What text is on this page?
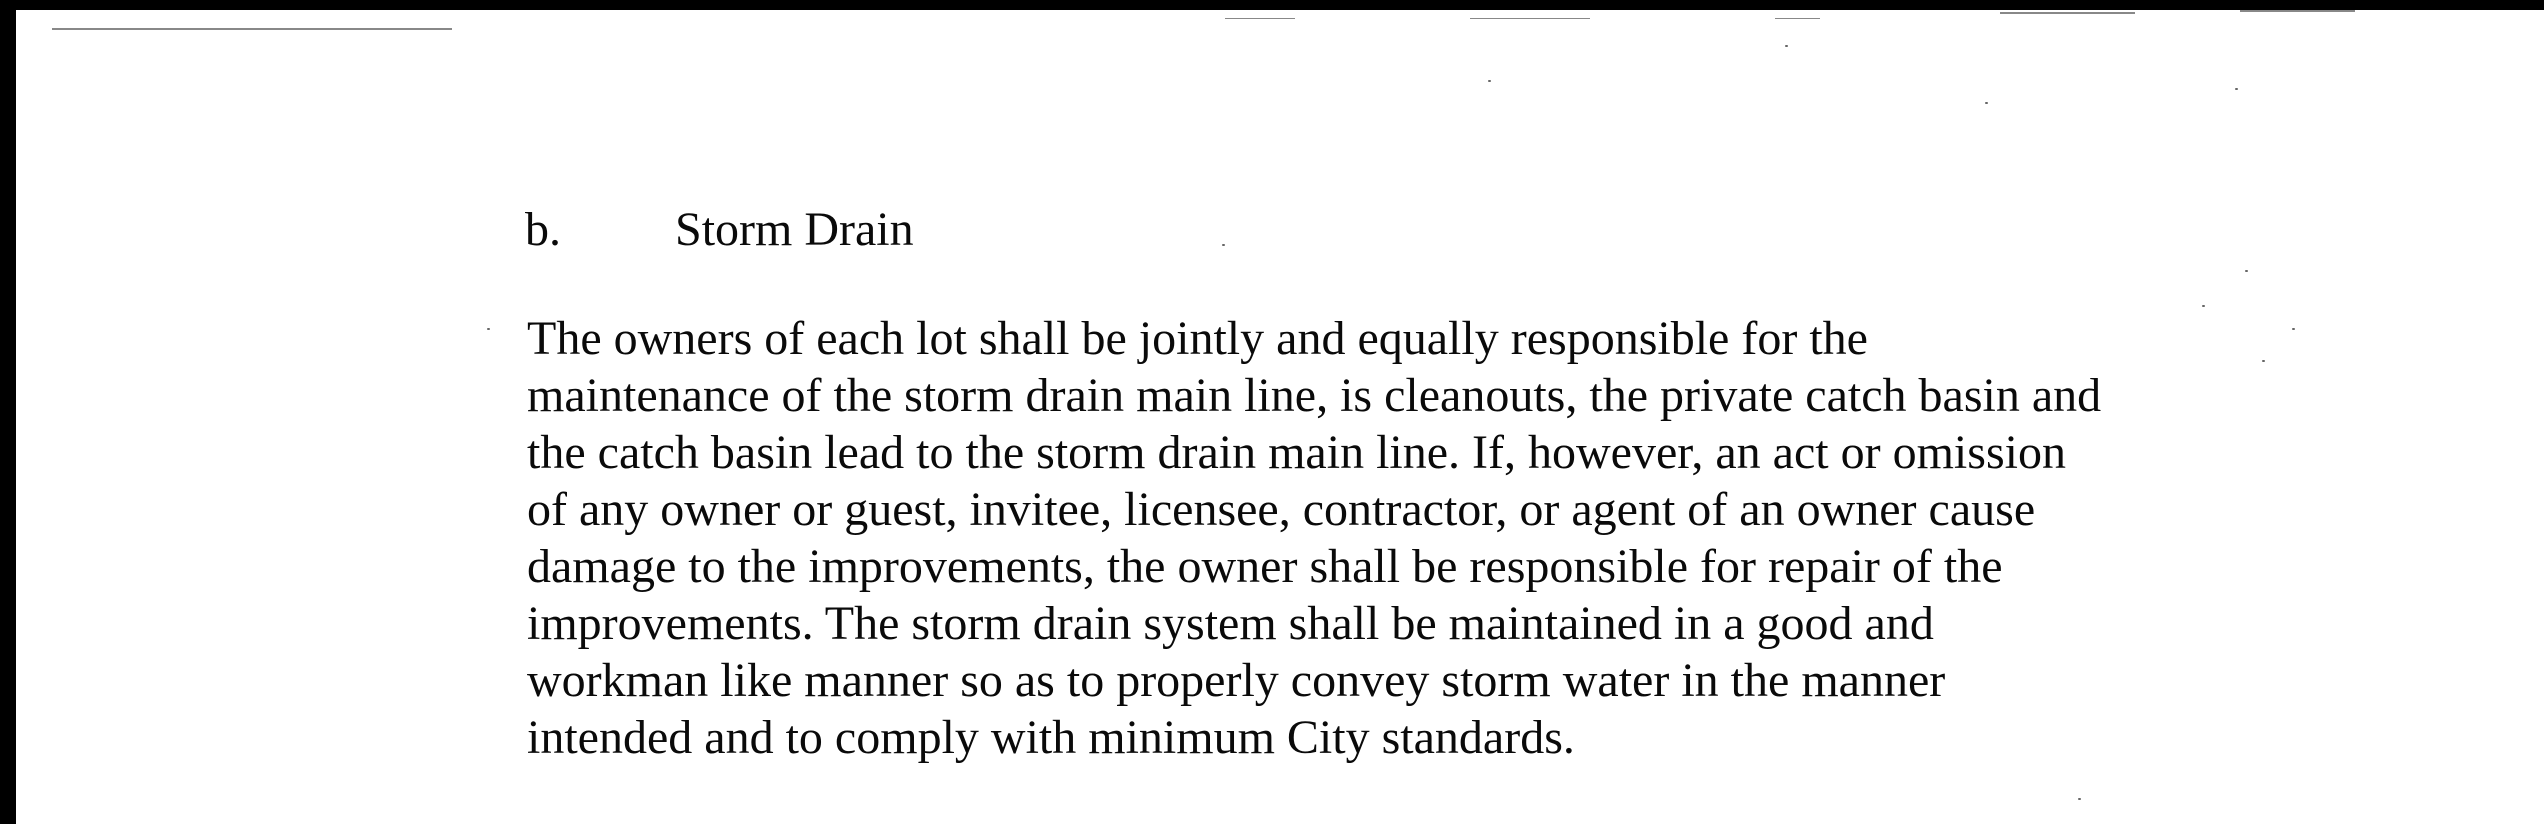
b. Storm Drain
The owners of each lot shall be jointly and equally responsible for the
maintenance of the storm drain main line, is cleanouts, the private catch basin and
the catch basin lead to the storm drain main line. If, however, an act or omission
of any owner or guest, invitee, licensee, contractor, or agent of an owner cause
damage to the improvements, the owner shall be responsible for repair of the
improvements. The storm drain system shall be maintained in a good and
workman like manner so as to properly convey storm water in the manner
intended and to comply with minimum City standards.
